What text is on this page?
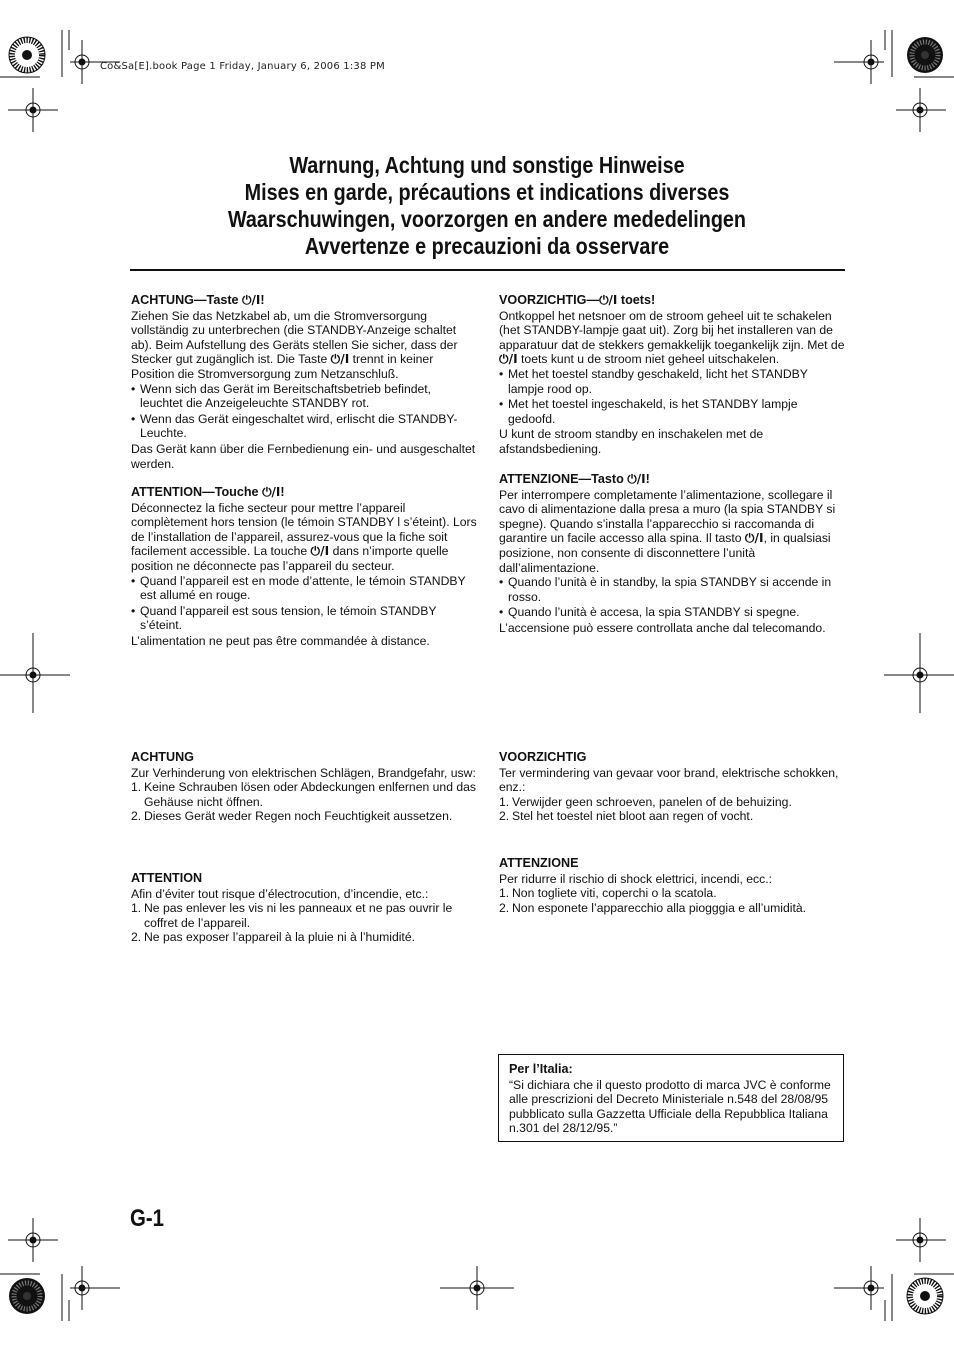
Co&Sa[E].book Page 1 Friday, January 6, 2006 1:38 PM
Warnung, Achtung und sonstige Hinweise
Mises en garde, précautions et indications diverses
Waarschuwingen, voorzorgen en andere mededelingen
Avvertenze e precauzioni da osservare
ACHTUNG—Taste ⏻/I!

Ziehen Sie das Netzkabel ab, um die Stromversorgung vollständig zu unterbrechen (die STANDBY-Anzeige schaltet ab). Beim Aufstellung des Geräts stellen Sie sicher, dass der Stecker gut zugänglich ist. Die Taste ⏻/I trennt in keiner Position die Stromversorgung zum Netzanschluß.

• Wenn sich das Gerät im Bereitschaftsbetrieb befindet, leuchtet die Anzeigeleuchte STANDBY rot.
• Wenn das Gerät eingeschaltet wird, erlischt die STANDBY-Leuchte.

Das Gerät kann über die Fernbedienung ein- und ausgeschaltet werden.

ATTENTION—Touche ⏻/I!

Déconnectez la fiche secteur pour mettre l’appareil complètement hors tension (le témoin STANDBY l s’éteint). Lors de l’installation de l’appareil, assurez-vous que la fiche soit facilement accessible. La touche ⏻/I dans n’importe quelle position ne déconnecte pas l’appareil du secteur.

• Quand l’appareil est en mode d’attente, le témoin STANDBY est allumé en rouge.
• Quand l’appareil est sous tension, le témoin STANDBY s’éteint.

L’alimentation ne peut pas être commandée à distance.

VOORZICHTIG—⏻/I toets!

Ontkoppel het netsnoer om de stroom geheel uit te schakelen (het STANDBY-lampje gaat uit). Zorg bij het installeren van de apparatuur dat de stekkers gemakkelijk toegankelijk zijn. Met de ⏻/I toets kunt u de stroom niet geheel uitschakelen.

• Met het toestel standby geschakeld, licht het STANDBY lampje rood op.
• Met het toestel ingeschakeld, is het STANDBY lampje gedoofd.

U kunt de stroom standby en inschakelen met de afstandsbediening.

ATTENZIONE—Tasto ⏻/I!

Per interrompere completamente l’alimentazione, scollegare il cavo di alimentazione dalla presa a muro (la spia STANDBY si spegne). Quando s’installa l’apparecchio si raccomanda di garantire un facile accesso alla spina. Il tasto ⏻/I, in qualsiasi posizione, non consente di disconnettere l’unità dall’alimentazione.

• Quando l’unità è in standby, la spia STANDBY si accende in rosso.
• Quando l’unità è accesa, la spia STANDBY si spegne.

L’accensione può essere controllata anche dal telecomando.

ACHTUNG

Zur Verhinderung von elektrischen Schlägen, Brandgefahr, usw:

1. Keine Schrauben lösen oder Abdeckungen enlfernen und das Gehäuse nicht öffnen.
2. Dieses Gerät weder Regen noch Feuchtigkeit aussetzen.
ATTENTION

Afin d’éviter tout risque d’électrocution, d’incendie, etc.:

1. Ne pas enlever les vis ni les panneaux et ne pas ouvrir le coffret de l’appareil.
2. Ne pas exposer l’appareil à la pluie ni à l’humidité.
VOORZICHTIG

Ter vermindering van gevaar voor brand, elektrische schokken, enz.:

1. Verwijder geen schroeven, panelen of de behuizing.
2. Stel het toestel niet bloot aan regen of vocht.
ATTENZIONE

Per ridurre il rischio di shock elettrici, incendi, ecc.:

1. Non togliete viti, coperchi o la scatola.
2. Non esponete l’apparecchio alla piogggia e all’umidità.
Per l’Italia:

“Si dichiara che il questo prodotto di marca JVC è conforme alle prescrizioni del Decreto Ministeriale n.548 del 28/08/95 pubblicato sulla Gazzetta Ufficiale della Repubblica Italiana n.301 del 28/12/95.”

G-1
